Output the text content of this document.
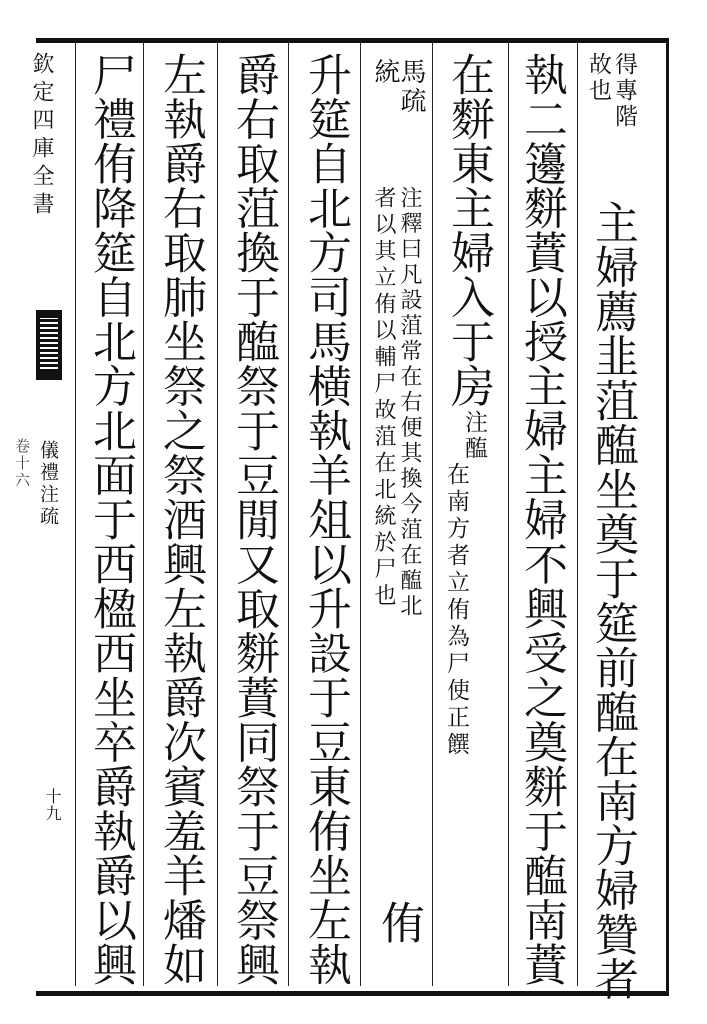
欽定四庫全書
儀禮注疏
卷十六
十九
得專階
故也
主婦薦韭菹醢坐奠于筵前醢在南方婦贊者
執二籩䴵蕡以授主婦主婦不興受之奠䴵于醢南蕡
在䴵東主婦入于房
注醢
在南方者立侑為尸使正饌
馬疏
統
注釋曰凡設菹常在右便其換今菹在醢北
者以其立侑以輔尸故菹在北統於尸也
侑
升筵自北方司馬横執羊俎以升設于豆東侑坐左執
爵右取菹換于醢祭于豆閒又取䴵蕡同祭于豆祭興
左執爵右取肺坐祭之祭酒興左執爵次賓羞羊燔如
尸禮侑降筵自北方北面于西楹西坐卒爵執爵以興
